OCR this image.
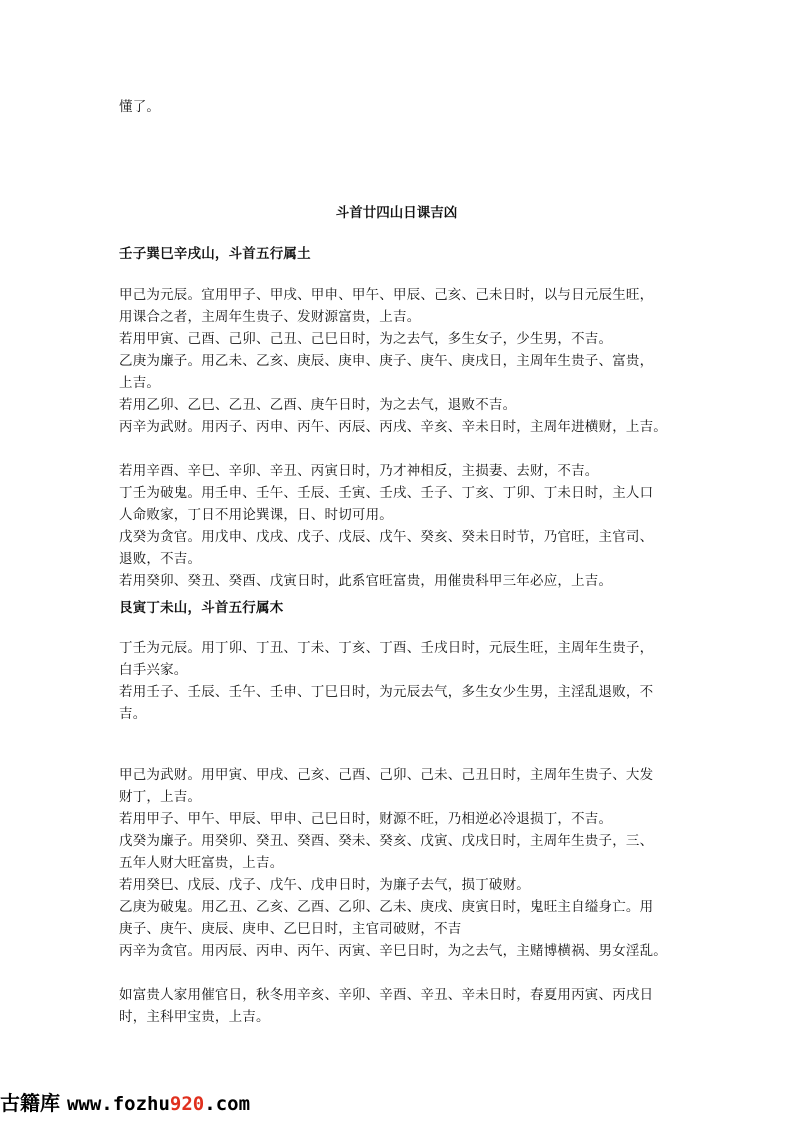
懂了。
斗首廿四山日课吉凶
壬子巽巳辛戌山，斗首五行属土
甲己为元辰。宜用甲子、甲戌、甲申、甲午、甲辰、己亥、己未日时，以与日元辰生旺，
用课合之者，主周年生贵子、发财源富贵，上吉。
若用甲寅、己酉、己卯、己丑、己巳日时，为之去气，多生女子，少生男，不吉。
乙庚为廉子。用乙未、乙亥、庚辰、庚申、庚子、庚午、庚戌日，主周年生贵子、富贵，
上吉。
若用乙卯、乙巳、乙丑、乙酉、庚午日时，为之去气，退败不吉。
丙辛为武财。用丙子、丙申、丙午、丙辰、丙戌、辛亥、辛未日时，主周年进横财，上吉。
若用辛酉、辛巳、辛卯、辛丑、丙寅日时，乃才神相反，主损妻、去财，不吉。
丁壬为破鬼。用壬申、壬午、壬辰、壬寅、壬戌、壬子、丁亥、丁卯、丁未日时，主人口
人命败家，丁日不用论巽课，日、时切可用。
戊癸为贪官。用戊申、戊戌、戊子、戊辰、戊午、癸亥、癸未日时节，乃官旺，主官司、
退败，不吉。
若用癸卯、癸丑、癸酉、戊寅日时，此系官旺富贵，用催贵科甲三年必应，上吉。
艮寅丁未山，斗首五行属木
丁壬为元辰。用丁卯、丁丑、丁未、丁亥、丁酉、壬戌日时，元辰生旺，主周年生贵子，
白手兴家。
若用壬子、壬辰、壬午、壬申、丁巳日时，为元辰去气，多生女少生男，主淫乱退败，不
吉。
甲己为武财。用甲寅、甲戌、己亥、己酉、己卯、己未、己丑日时，主周年生贵子、大发
财丁，上吉。
若用甲子、甲午、甲辰、甲申、己巳日时，财源不旺，乃相逆必冷退损丁，不吉。
戊癸为廉子。用癸卯、癸丑、癸酉、癸未、癸亥、戊寅、戊戌日时，主周年生贵子，三、
五年人财大旺富贵，上吉。
若用癸巳、戊辰、戊子、戊午、戊申日时，为廉子去气，损丁破财。
乙庚为破鬼。用乙丑、乙亥、乙酉、乙卯、乙未、庚戌、庚寅日时，鬼旺主自缢身亡。用
庚子、庚午、庚辰、庚申、乙巳日时，主官司破财，不吉
丙辛为贪官。用丙辰、丙申、丙午、丙寅、辛巳日时，为之去气，主赌博横祸、男女淫乱。
如富贵人家用催官日，秋冬用辛亥、辛卯、辛酉、辛丑、辛未日时，春夏用丙寅、丙戌日
时，主科甲宝贵，上吉。
古籍库 www.fozhu920.com
